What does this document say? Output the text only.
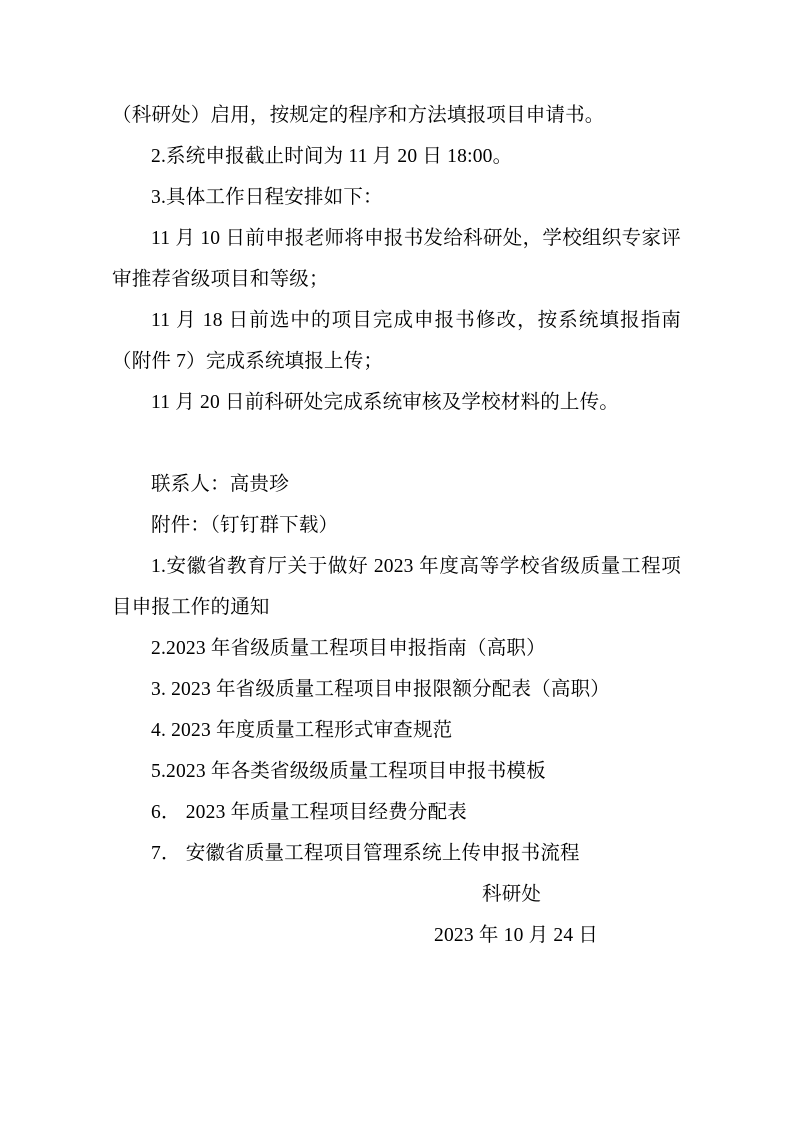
（科研处）启用，按规定的程序和方法填报项目申请书。

2.系统申报截止时间为 11 月 20 日 18:00。

3.具体工作日程安排如下：

11 月 10 日前申报老师将申报书发给科研处，学校组织专家评审推荐省级项目和等级；

11 月 18 日前选中的项目完成申报书修改，按系统填报指南（附件 7）完成系统填报上传；

11 月 20 日前科研处完成系统审核及学校材料的上传。

联系人：高贵珍

附件：（钉钉群下载）

1.安徽省教育厅关于做好 2023 年度高等学校省级质量工程项目申报工作的通知

2.2023 年省级质量工程项目申报指南（高职）

3. 2023 年省级质量工程项目申报限额分配表（高职）

4. 2023 年度质量工程形式审查规范

5.2023 年各类省级级质量工程项目申报书模板

6． 2023 年质量工程项目经费分配表

7． 安徽省质量工程项目管理系统上传申报书流程

科研处

2023 年 10 月 24 日
